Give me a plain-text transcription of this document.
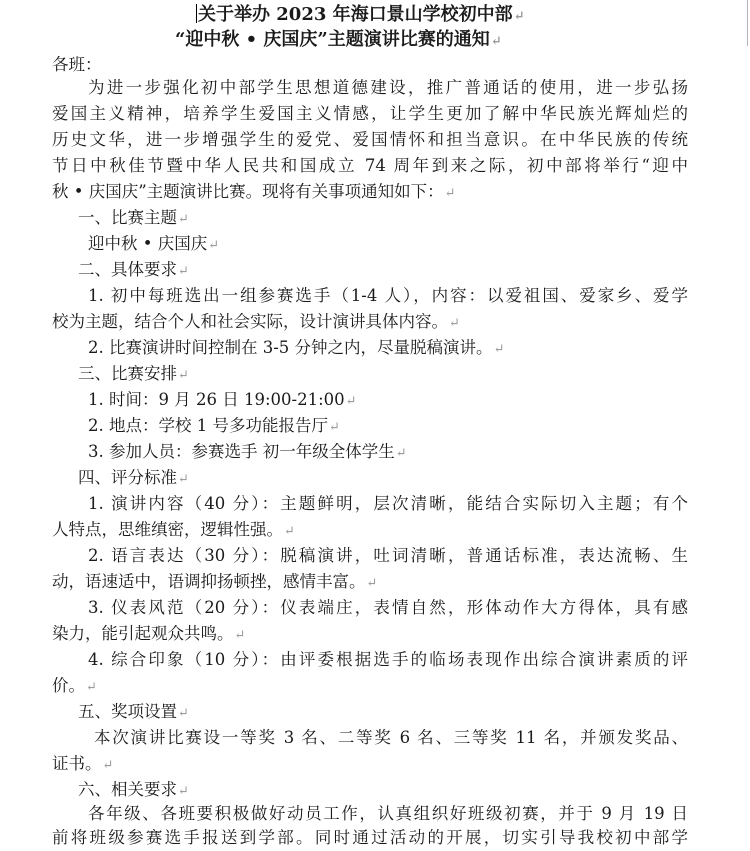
关于举办 2023 年海口景山学校初中部↵
“迎中秋 • 庆国庆”主题演讲比赛的通知↵
各班：
为进一步强化初中部学生思想道德建设，推广普通话的使用，进一步弘扬
爱国主义精神，培养学生爱国主义情感，让学生更加了解中华民族光辉灿烂的
历史文华，进一步增强学生的爱党、爱国情怀和担当意识。在中华民族的传统
节日中秋佳节暨中华人民共和国成立 74 周年到来之际，初中部将举行“迎中
秋 • 庆国庆”主题演讲比赛。现将有关事项通知如下：↵
一、比赛主题↵
迎中秋 • 庆国庆↵
二、具体要求↵
1. 初中每班选出一组参赛选手（1-4 人），内容：以爱祖国、爱家乡、爱学
校为主题，结合个人和社会实际，设计演讲具体内容。↵
2. 比赛演讲时间控制在 3-5 分钟之内，尽量脱稿演讲。↵
三、比赛安排↵
1. 时间：9 月 26 日 19:00-21:00↵
2. 地点：学校 1 号多功能报告厅↵
3. 参加人员：参赛选手 初一年级全体学生↵
四、评分标准↵
1. 演讲内容（40 分）：主题鲜明，层次清晰，能结合实际切入主题；有个
人特点，思维缜密，逻辑性强。↵
2. 语言表达（30 分）：脱稿演讲，吐词清晰，普通话标准，表达流畅、生
动，语速适中，语调抑扬顿挫，感情丰富。↵
3. 仪表风范（20 分）：仪表端庄，表情自然，形体动作大方得体，具有感
染力，能引起观众共鸣。↵
4. 综合印象（10 分）：由评委根据选手的临场表现作出综合演讲素质的评
价。↵
五、奖项设置↵
本次演讲比赛设一等奖 3 名、二等奖 6 名、三等奖 11 名，并颁发奖品、
证书。↵
六、相关要求↵
各年级、各班要积极做好动员工作，认真组织好班级初赛，并于 9 月 19 日
前将班级参赛选手报送到学部。同时通过活动的开展，切实引导我校初中部学
